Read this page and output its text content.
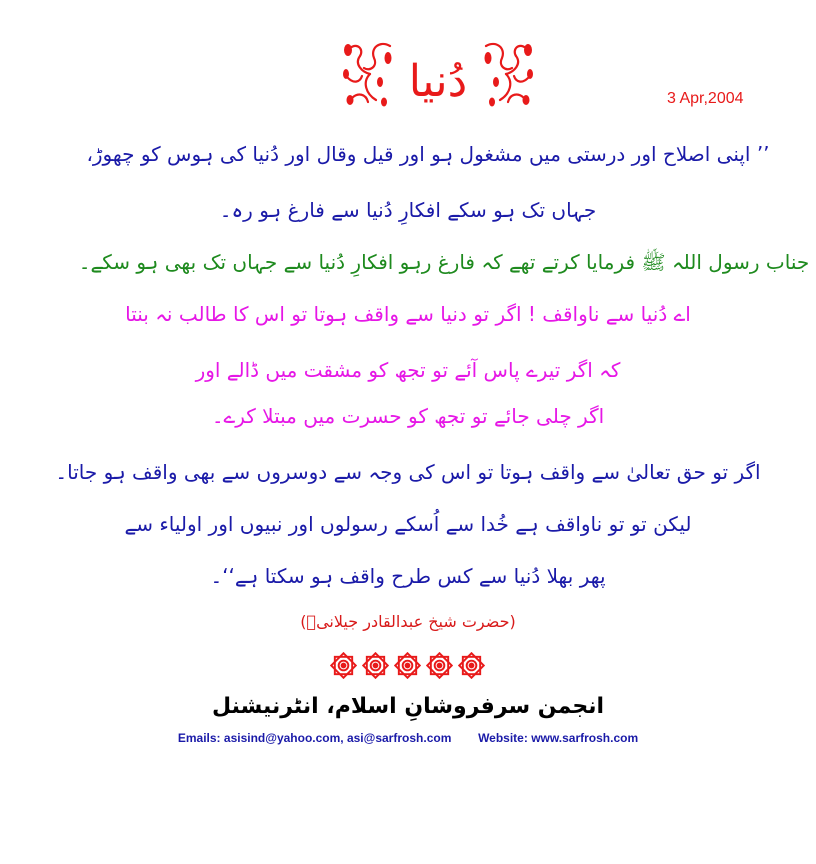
دُنیا	3 Apr,2004
’’ اپنی اصلاح اور درستی میں مشغول ہو اور قیل وقال اور دُنیا کی ہوس کو چھوڑ،
جہاں تک ہو سکے افکارِ دُنیا سے فارغ ہو رہ۔
جناب رسول اللہ ﷺ فرمایا کرتے تھے کہ فارغ رہو افکارِ دُنیا سے جہاں تک بھی ہو سکے۔
اے دُنیا سے ناواقف ! اگر تو دنیا سے واقف ہوتا تو اس کا طالب نہ بنتا
کہ اگر تیرے پاس آئے تو تجھ کو مشقت میں ڈالے اور
اگر چلی جائے تو تجھ کو حسرت میں مبتلا کرے۔
اگر تو حق تعالیٰ سے واقف ہوتا تو اس کی وجہ سے دوسروں سے بھی واقف ہو جاتا۔
لیکن تو تو ناواقف ہے خُدا سے اُسکے رسولوں اور نبیوں اور اولیاء سے
پھر بھلا دُنیا سے کس طرح واقف ہو سکتا ہے‘‘۔
(حضرت شیخ عبدالقادر جیلانیؒ)
انجمن سرفروشانِ اسلام، انٹرنیشنل
Emails: asisind@yahoo.com, asi@sarfrosh.com Website: www.sarfrosh.com
